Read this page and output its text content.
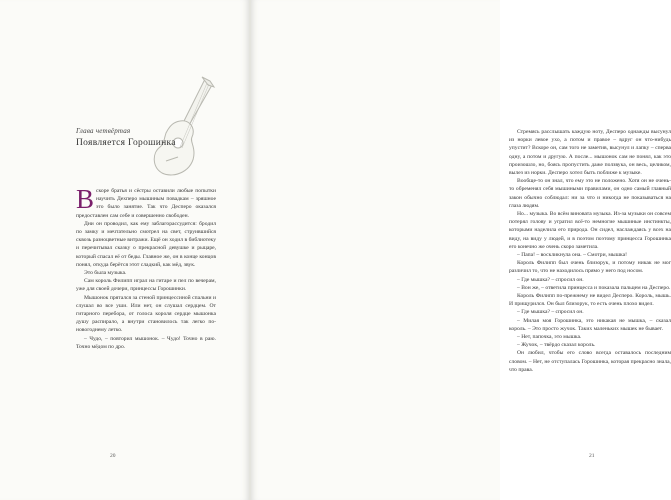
Глава четвёртая
Появляется Горошинка

Вскоре братья и сёстры оставили любые попытки научить Дехперо мышиным повадкам – зряшное это было занятие. Так что Десперо оказался предоставлен сам себе и совершенно свободен.

Дни он проводил, как ему заблагорассудится: бродил по замку и мечтательно смотрел на свет, струившийся сквозь разноцветные витражи. Ещё он ходил в библиотеку и перечитывал сказку о прекрасной девушке и рыцаре, который спасал её от беды. Главное же, он в конце концов понял, откуда берётся этот сладкий, как мёд, звук.

Это была музыка.

Сам король Филипп играл на гитаре и пел по вечерам, уже для своей дочери, принцессы Горошинки.

Мышонок прятался за стеной принцессиной спальни и слушал во все уши. Или нет, он слушал сердцем. От гитарного перебора, от голоса короля сердце мышонка душу распирало, а внутри становилось так легко по-новогоднему летко.

– Чудо, – повторил мышонок. – Чудо! Точно в раю. Точно мёдом по дро.

20

Стремясь расслышать каждую ноту, Десперо однажды высунул из норки левое ухо, а потом и правое – вдруг он что-нибудь упустит? Вскоре он, сам того не заметив, высунул и лапку – сперва одну, а потом и другую. А после... мышонок сам не понял, как это произошло, но, боясь пропустить даже ползвука, он весь, целиком, вылез из норки. Десперо хотел быть поближе к музыке.

Вообще-то он знал, что ему это не положено. Хотя он не очень-то обременял себя мышиными правилами, он одно самый главный закон обычно соблюдал: ни за что и никогда не показываться на глаза людям.

Но... музыка. Во всём виновата музыка. Из-за музыки он совсем потерял голову и угратил всё-то немногие мышиные инстинкты, которыми наделила его природа. Он сидел, наслаждаясь у всех на виду, на виду у людей, и в поэтом поэтому принцесса Горошинка его конечно же очень скоро заметила.

– Папа! – воскликнула она. – Смотри, мышка!

Король Филипп был очень близорук, и потому никак не мог различил то, что не находилось прямо у него под носом.

– Где мышка? – спросил он.

– Вон же, – ответила принцесса и показала пальцем на Десперо.

Король Филипп по-прежнему не видел Десперо. Король, мышь. И прищурился. Он был близорук, то есть очень плохо видел.

– Где мышка? – спросил он.

– Милая моя Горошинка, это никакая не мышка, – сказал король. – Это просто жучок. Таких маленьких мышек не бывает.

– Нет, папочка, это мышка.

– Жучок, – твёрдо сказал король.

Он любил, чтобы его слово всегда оставалось последним словом. – Нет, не отступалась Горошинка, которая прекрасно знала, что права.

21
